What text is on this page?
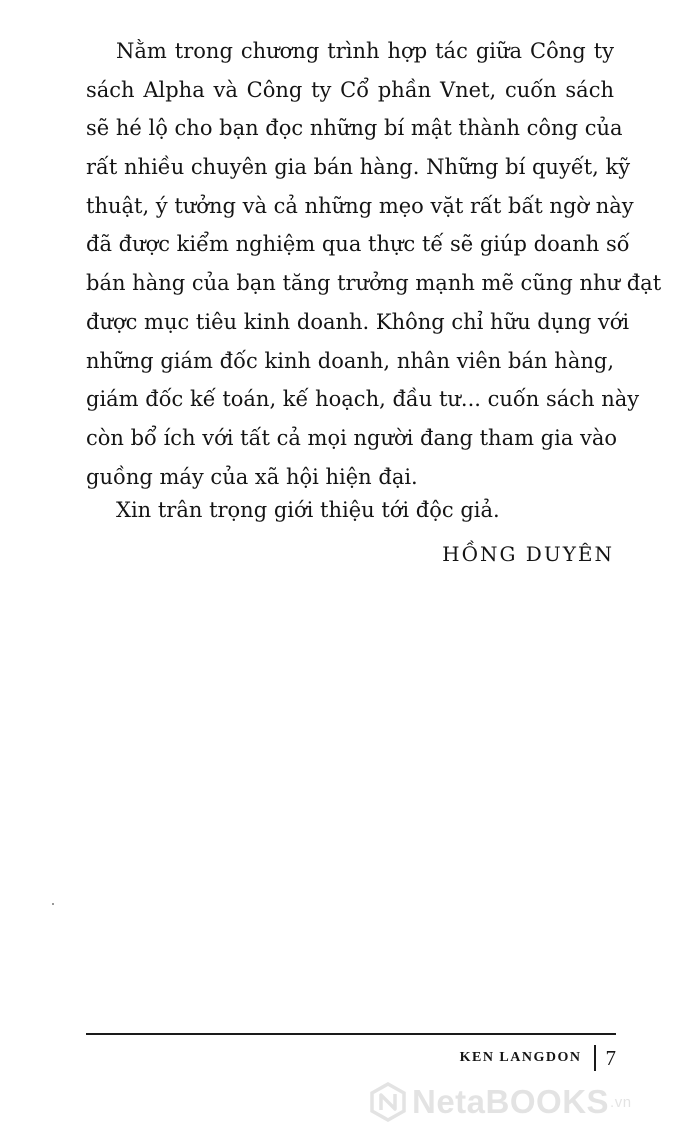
Nằm trong chương trình hợp tác giữa Công ty
sách Alpha và Công ty Cổ phần Vnet, cuốn sách
sẽ hé lộ cho bạn đọc những bí mật thành công của
rất nhiều chuyên gia bán hàng. Những bí quyết, kỹ
thuật, ý tưởng và cả những mẹo vặt rất bất ngờ này
đã được kiểm nghiệm qua thực tế sẽ giúp doanh số
bán hàng của bạn tăng trưởng mạnh mẽ cũng như đạt
được mục tiêu kinh doanh. Không chỉ hữu dụng với
những giám đốc kinh doanh, nhân viên bán hàng,
giám đốc kế toán, kế hoạch, đầu tư... cuốn sách này
còn bổ ích với tất cả mọi người đang tham gia vào
guồng máy của xã hội hiện đại.
Xin trân trọng giới thiệu tới độc giả.
HỒNG DUYÊN
KEN LANGDON 7
NetaBOOKS .vn
